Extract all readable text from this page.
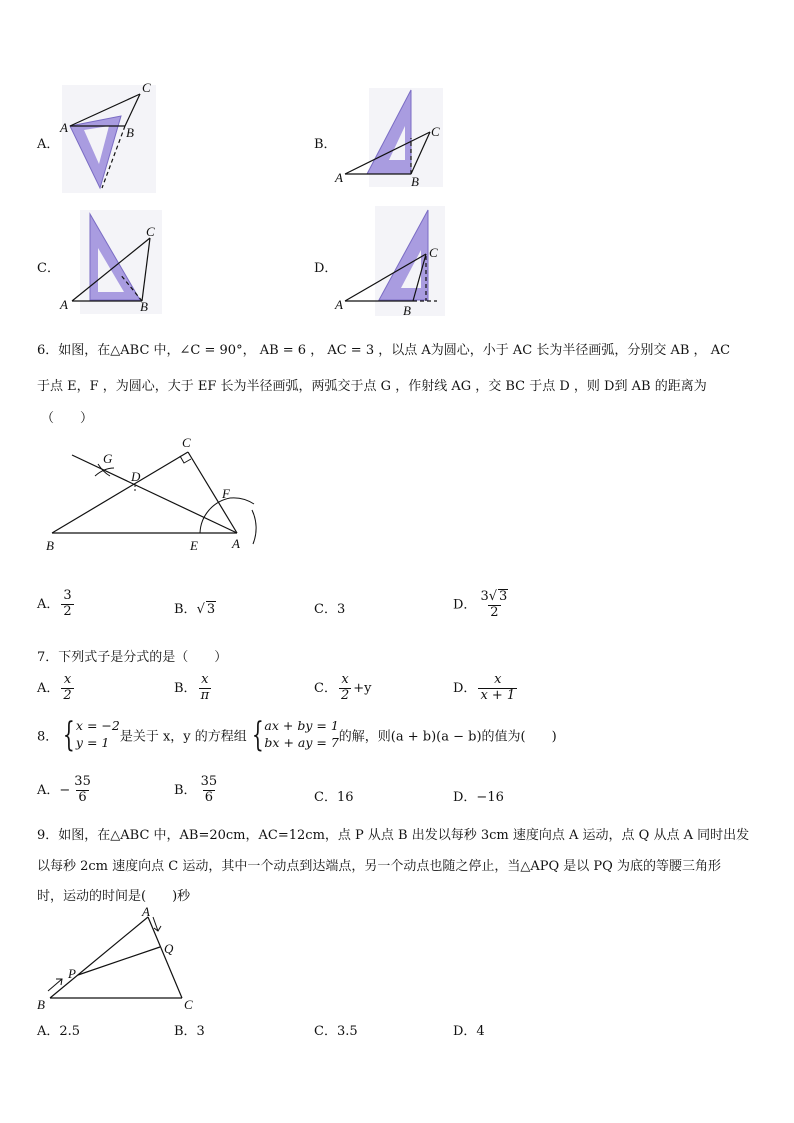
A．
A	B
C
B．
A	B
C
C．
A	B
C
D．
A	B
C
6．如图，在△ABC 中，∠C = 90°， AB = 6 ， AC = 3 ，以点 A为圆心，小于 AC 长为半径画弧，分别交 AB ， AC
于点 E，F ，为圆心，大于 EF 长为半径画弧，两弧交于点 G ，作射线 AG ，交 BC 于点 D ，则 D到 AB 的距离为
（　　）
G
D
C
F
B	E	A
A． $\frac{3}{2}$	B．√ 3	C．3	D． $\frac{3√ 3}{2}$
7．下列式子是分式的是（　　）
A． $\frac{x}{2}$	B． $\frac{x}{\pi}$	C． $\frac{x}{2} +y$	D． $\frac{x}{x + 1}$
8． { x = −2
y = 1 是关于 x，y 的方程组 { ax + by = 1
bx + ay = 7 的解，则(a + b)(a − b)的值为(　　)
A．− $\frac{35}{6}$	B． $\frac{35}{6}$	C．16	D．−16
9．如图，在△ABC 中，AB=20cm，AC=12cm，点 P 从点 B 出发以每秒 3cm 速度向点 A 运动，点 Q 从点 A 同时出发
以每秒 2cm 速度向点 C 运动，其中一个动点到达端点，另一个动点也随之停止，当△APQ 是以 PQ 为底的等腰三角形
时，运动的时间是(　　)秒
A
Q
P
B	C
A．2.5	B．3	C．3.5	D．4
